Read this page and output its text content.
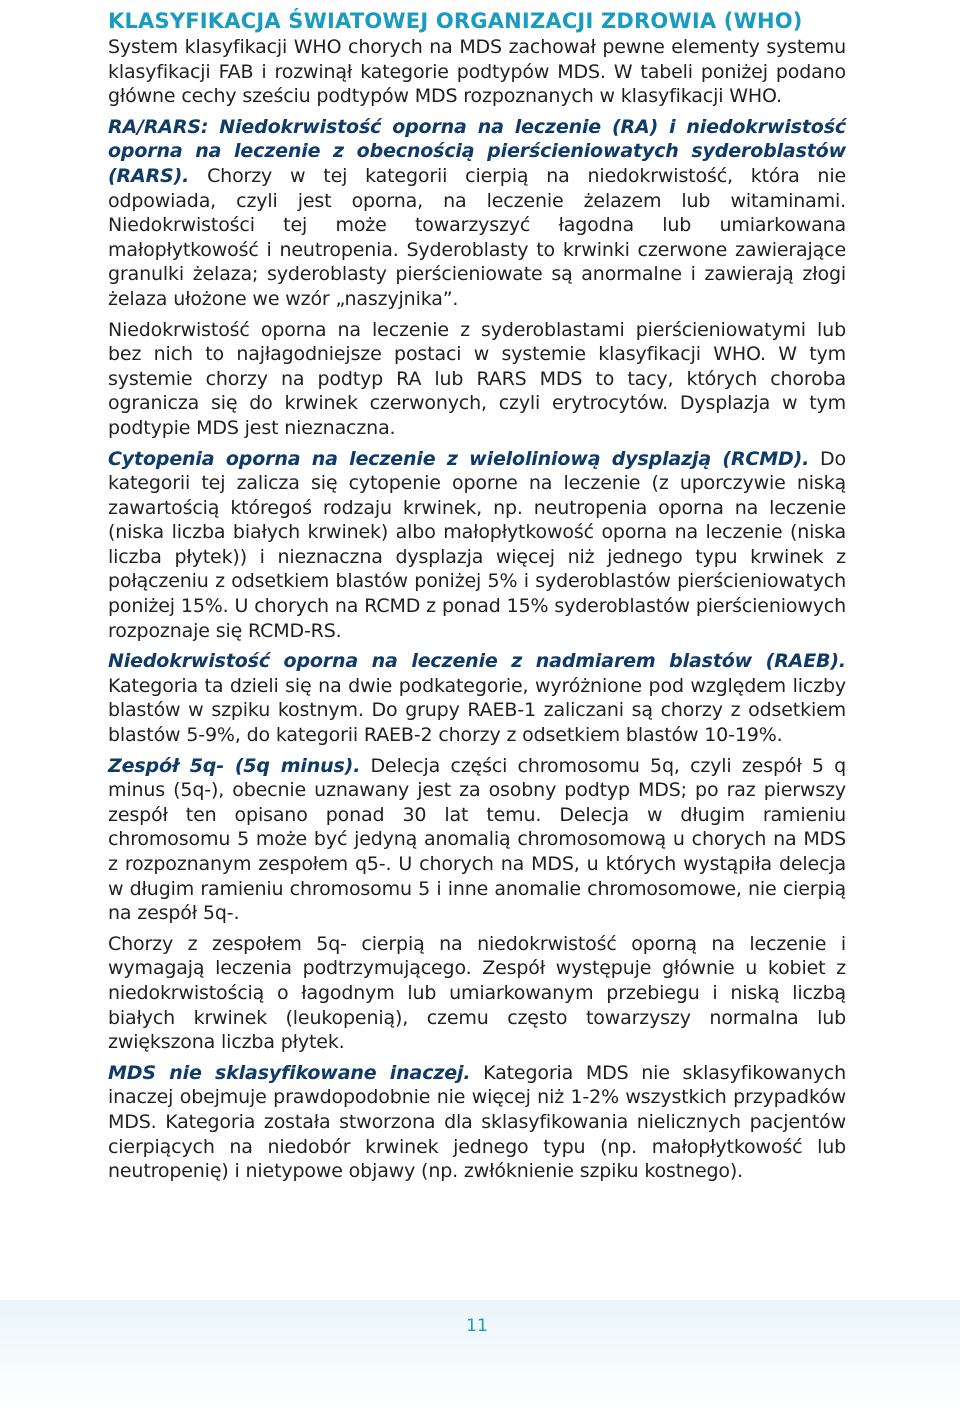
KLASYFIKACJA ŚWIATOWEJ ORGANIZACJI ZDROWIA (WHO)

System klasyfikacji WHO chorych na MDS zachował pewne elementy systemu klasyfikacji FAB i rozwinął kategorie podtypów MDS. W tabeli poniżej podano główne cechy sześciu podtypów MDS rozpoznanych w klasyfikacji WHO.

RA/RARS: Niedokrwistość oporna na leczenie (RA) i niedokrwistość oporna na leczenie z obecnością pierścieniowatych syderoblastów (RARS). Chorzy w tej kategorii cierpią na niedokrwistość, która nie odpowiada, czyli jest oporna, na leczenie żelazem lub witaminami. Niedokrwistości tej może towarzyszyć łagodna lub umiarkowana małopłytkowość i neutropenia. Syderoblasty to krwinki czerwone zawierające granulki żelaza; syderoblasty pierścieniowate są anormalne i zawierają złogi żelaza ułożone we wzór „naszyjnika”.

Niedokrwistość oporna na leczenie z syderoblastami pierścieniowatymi lub bez nich to najłagodniejsze postaci w systemie klasyfikacji WHO. W tym systemie chorzy na podtyp RA lub RARS MDS to tacy, których choroba ogranicza się do krwinek czerwonych, czyli erytrocytów. Dysplazja w tym podtypie MDS jest nieznaczna.

Cytopenia oporna na leczenie z wieloliniową dysplazją (RCMD). Do kategorii tej zalicza się cytopenie oporne na leczenie (z uporczywie niską zawartością któregoś rodzaju krwinek, np. neutropenia oporna na leczenie (niska liczba białych krwinek) albo małopłytkowość oporna na leczenie (niska liczba płytek)) i nieznaczna dysplazja więcej niż jednego typu krwinek z połączeniu z odsetkiem blastów poniżej 5% i syderoblastów pierścieniowatych poniżej 15%. U chorych na RCMD z ponad 15% syderoblastów pierścieniowych rozpoznaje się RCMD-RS.

Niedokrwistość oporna na leczenie z nadmiarem blastów (RAEB). Kategoria ta dzieli się na dwie podkategorie, wyróżnione pod względem liczby blastów w szpiku kostnym. Do grupy RAEB-1 zaliczani są chorzy z odsetkiem blastów 5-9%, do kategorii RAEB-2 chorzy z odsetkiem blastów 10-19%.

Zespół 5q- (5q minus). Delecja części chromosomu 5q, czyli zespół 5 q minus (5q-), obecnie uznawany jest za osobny podtyp MDS; po raz pierwszy zespół ten opisano ponad 30 lat temu. Delecja w długim ramieniu chromosomu 5 może być jedyną anomalią chromosomową u chorych na MDS z rozpoznanym zespołem q5-. U chorych na MDS, u których wystąpiła delecja w długim ramieniu chromosomu 5 i inne anomalie chromosomowe, nie cierpią na zespół 5q-.

Chorzy z zespołem 5q- cierpią na niedokrwistość oporną na leczenie i wymagają leczenia podtrzymującego. Zespół występuje głównie u kobiet z niedokrwistością o łagodnym lub umiarkowanym przebiegu i niską liczbą białych krwinek (leukopenią), czemu często towarzyszy normalna lub zwiększona liczba płytek.

MDS nie sklasyfikowane inaczej. Kategoria MDS nie sklasyfikowanych inaczej obejmuje prawdopodobnie nie więcej niż 1-2% wszystkich przypadków MDS. Kategoria została stworzona dla sklasyfikowania nielicznych pacjentów cierpiących na niedobór krwinek jednego typu (np. małopłytkowość lub neutropenię) i nietypowe objawy (np. zwłóknienie szpiku kostnego).

11
